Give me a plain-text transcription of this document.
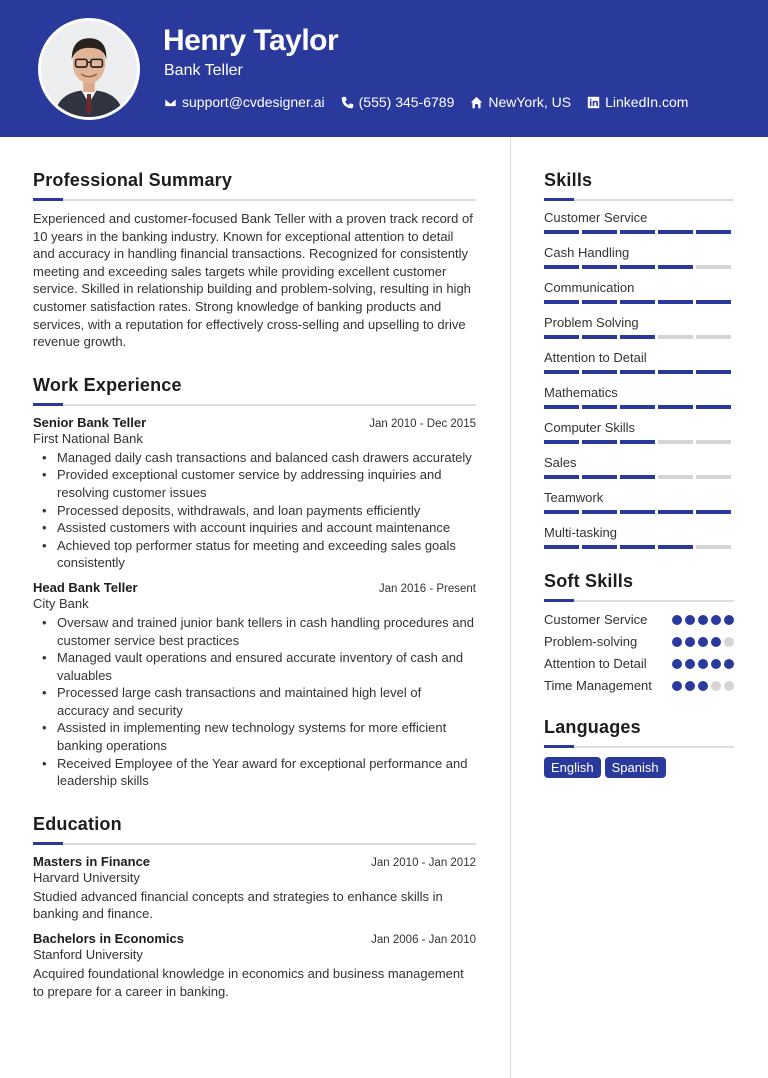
Henry Taylor
Bank Teller
support@cvdesigner.ai (555) 345-6789 NewYork, US LinkedIn.com
Professional Summary

Experienced and customer-focused Bank Teller with a proven track record of 10 years in the banking industry. Known for exceptional attention to detail and accuracy in handling financial transactions. Recognized for consistently meeting and exceeding sales targets while providing excellent customer service. Skilled in relationship building and problem-solving, resulting in high customer satisfaction rates. Strong knowledge of banking products and services, with a reputation for effectively cross-selling and upselling to drive revenue growth.

Work Experience
Senior Bank Teller	Jan 2010 - Dec 2015
First National Bank
• Managed daily cash transactions and balanced cash drawers accurately
• Provided exceptional customer service by addressing inquiries and resolving customer issues
• Processed deposits, withdrawals, and loan payments efficiently
• Assisted customers with account inquiries and account maintenance
• Achieved top performer status for meeting and exceeding sales goals consistently
Head Bank Teller	Jan 2016 - Present
City Bank
• Oversaw and trained junior bank tellers in cash handling procedures and customer service best practices
• Managed vault operations and ensured accurate inventory of cash and valuables
• Processed large cash transactions and maintained high level of accuracy and security
• Assisted in implementing new technology systems for more efficient banking operations
• Received Employee of the Year award for exceptional performance and leadership skills
Education
Masters in Finance	Jan 2010 - Jan 2012
Harvard University

Studied advanced financial concepts and strategies to enhance skills in banking and finance.

Bachelors in Economics	Jan 2006 - Jan 2010
Stanford University

Acquired foundational knowledge in economics and business management to prepare for a career in banking.

Skills
Customer Service
Cash Handling
Communication
Problem Solving
Attention to Detail
Mathematics
Computer Skills
Sales
Teamwork
Multi-tasking
Soft Skills
Customer Service
Problem-solving
Attention to Detail
Time Management
Languages
English	Spanish
